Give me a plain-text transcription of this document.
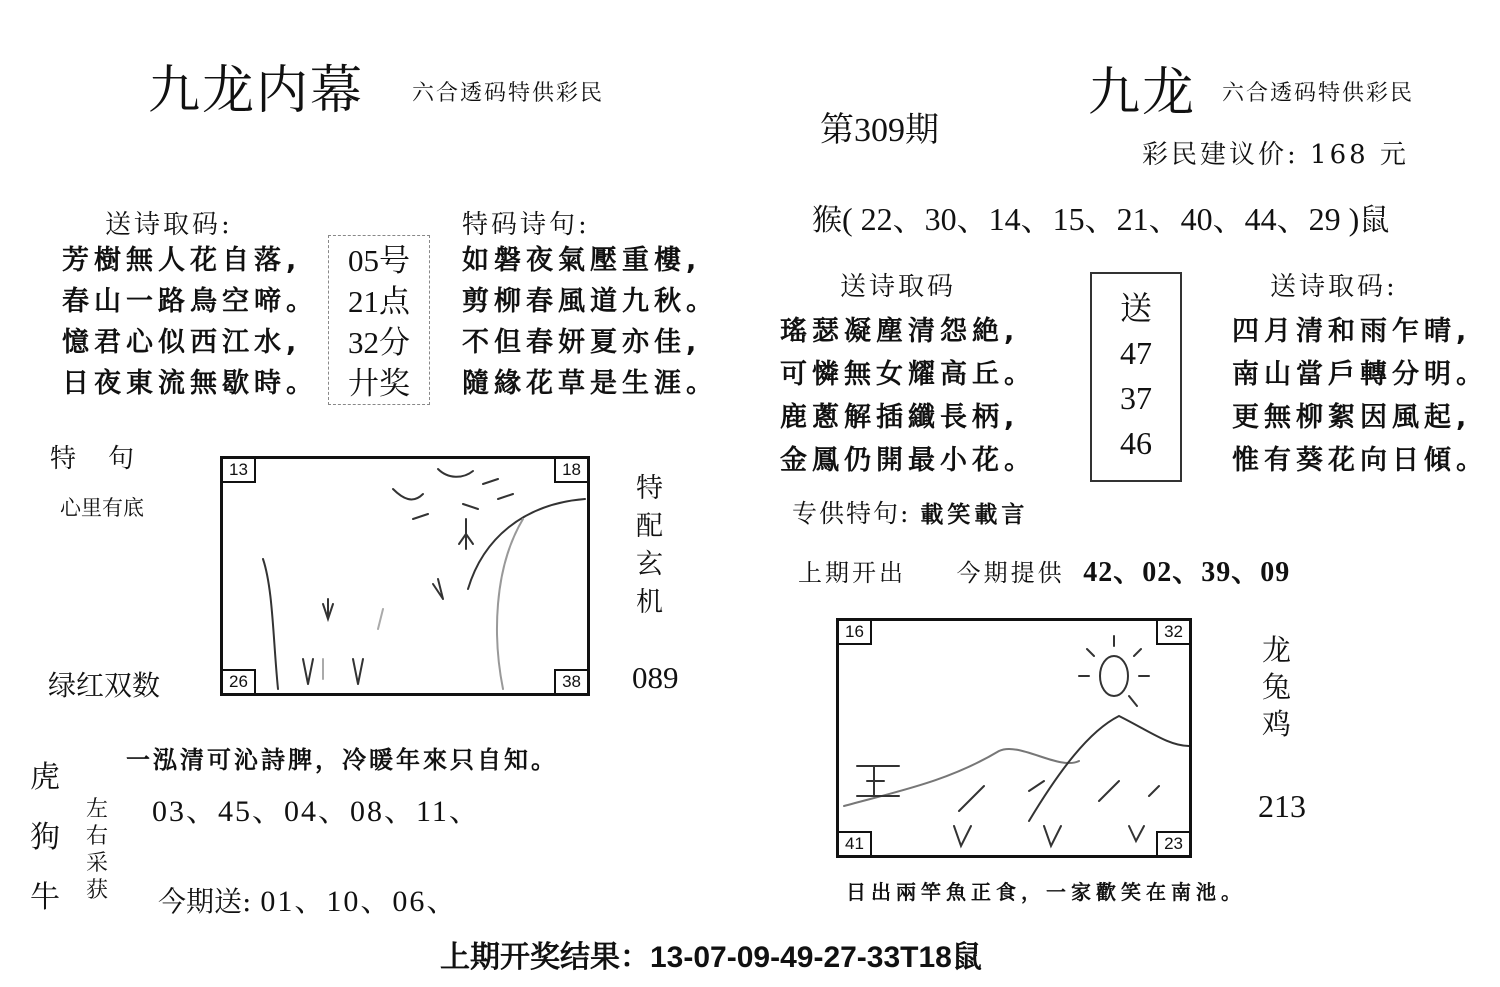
九龙内幕 六合透码特供彩民
送诗取码:
芳樹無人花自落,
春山一路鳥空啼。
憶君心似西江水,
日夜東流無歇時。
05号
21点
32分
廾奖
特码诗句:
如磐夜氣壓重樓,
剪柳春風道九秋。
不但春妍夏亦佳,
隨緣花草是生涯。
特　句
心里有底
绿红双数
13	18
26	38
特
配
玄
机
089
虎
狗
牛
左
右
采
获
一泓清可沁詩脾，冷暖年來只自知。
03、45、04、08、11、
今期送: 01、10、06、
第309期
九龙 六合透码特供彩民
彩民建议价: 168 元
猴( 22、30、14、15、21、40、44、29 )鼠
送诗取码
瑤瑟凝塵清怨絶,
可憐無女耀高丘。
鹿蔥解插纖長柄,
金鳳仍開最小花。
送
47
37
46
送诗取码:
四月清和雨乍晴,
南山當戶轉分明。
更無柳絮因風起,
惟有葵花向日傾。
专供特句: 載笑載言
上期开出 今期提供 42、02、39、09
16	32
41	23
龙
兔
鸡
213
日出兩竿魚正食，一家歡笑在南池。
上期开奖结果：13-07-09-49-27-33T18鼠
